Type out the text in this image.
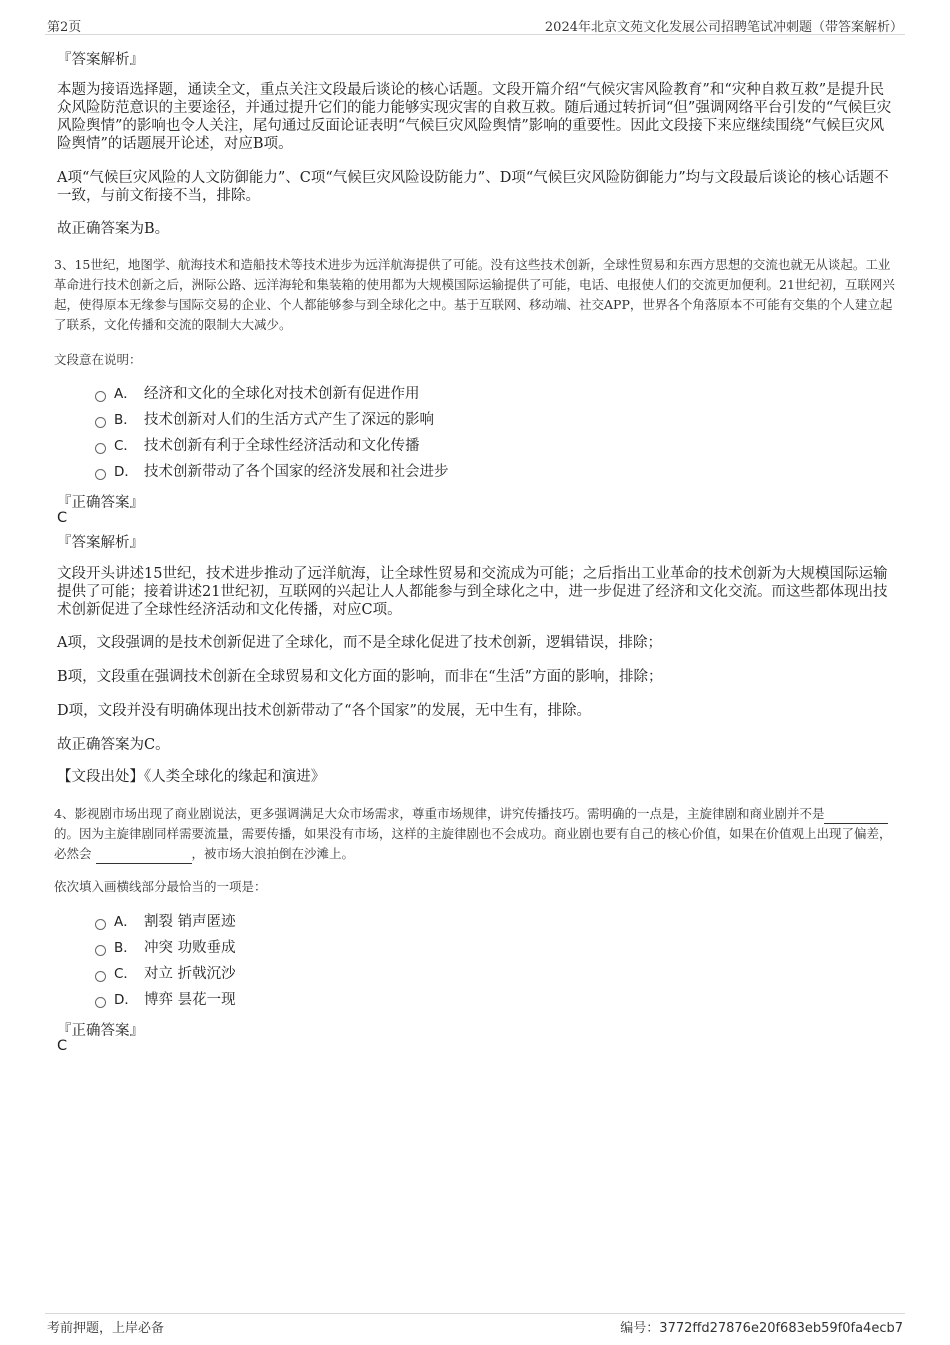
第2页	2024年北京文苑文化发展公司招聘笔试冲刺题（带答案解析）
『答案解析』

本题为接语选择题，通读全文，重点关注文段最后谈论的核心话题。文段开篇介绍“气候灾害风险教育”和“灾种自救互救”是提升民众风险防范意识的主要途径，并通过提升它们的能力能够实现灾害的自救互救。随后通过转折词“但”强调网络平台引发的“气候巨灾风险舆情”的影响也令人关注，尾句通过反面论证表明“气候巨灾风险舆情”影响的重要性。因此文段接下来应继续围绕“气候巨灾风险舆情”的话题展开论述，对应B项。

A项“气候巨灾风险的人文防御能力”、C项“气候巨灾风险设防能力”、D项“气候巨灾风险防御能力”均与文段最后谈论的核心话题不一致，与前文衔接不当，排除。

故正确答案为B。

3、15世纪，地图学、航海技术和造船技术等技术进步为远洋航海提供了可能。没有这些技术创新，全球性贸易和东西方思想的交流也就无从谈起。工业革命进行技术创新之后，洲际公路、远洋海轮和集装箱的使用都为大规模国际运输提供了可能，电话、电报使人们的交流更加便利。21世纪初，互联网兴起，使得原本无缘参与国际交易的企业、个人都能够参与到全球化之中。基于互联网、移动端、社交APP，世界各个角落原本不可能有交集的个人建立起了联系，文化传播和交流的限制大大减少。

文段意在说明：
A． 经济和文化的全球化对技术创新有促进作用
B． 技术创新对人们的生活方式产生了深远的影响
C． 技术创新有利于全球性经济活动和文化传播
D． 技术创新带动了各个国家的经济发展和社会进步
『正确答案』
C
『答案解析』

文段开头讲述15世纪，技术进步推动了远洋航海，让全球性贸易和交流成为可能；之后指出工业革命的技术创新为大规模国际运输提供了可能；接着讲述21世纪初，互联网的兴起让人人都能参与到全球化之中，进一步促进了经济和文化交流。而这些都体现出技术创新促进了全球性经济活动和文化传播，对应C项。

A项，文段强调的是技术创新促进了全球化，而不是全球化促进了技术创新，逻辑错误，排除；

B项，文段重在强调技术创新在全球贸易和文化方面的影响，而非在“生活”方面的影响，排除；

D项，文段并没有明确体现出技术创新带动了“各个国家”的发展，无中生有，排除。

故正确答案为C。

【文段出处】《人类全球化的缘起和演进》

4、影视剧市场出现了商业剧说法，更多强调满足大众市场需求，尊重市场规律，讲究传播技巧。需明确的一点是，主旋律剧和商业剧并不是的。因为主旋律剧同样需要流量，需要传播，如果没有市场，这样的主旋律剧也不会成功。商业剧也要有自己的核心价值，如果在价值观上出现了偏差，必然会	，被市场大浪拍倒在沙滩上。

依次填入画横线部分最恰当的一项是：
A． 割裂 销声匿迹
B． 冲突 功败垂成
C． 对立 折戟沉沙
D． 博弈 昙花一现
『正确答案』
C
考前押题，上岸必备	编号：3772ffd27876e20f683eb59f0fa4ecb7
